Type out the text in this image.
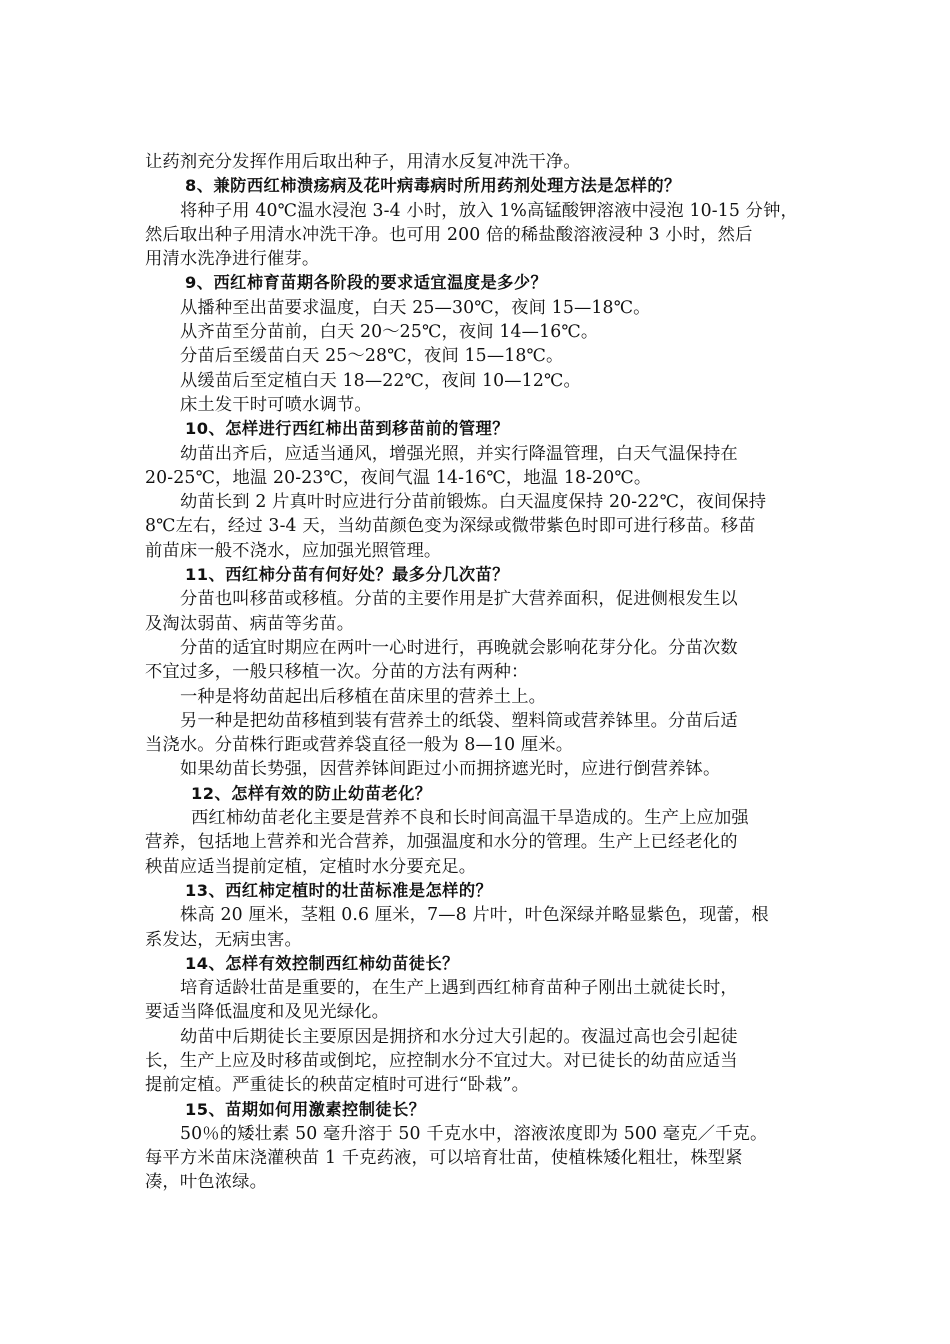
让药剂充分发挥作用后取出种子，用清水反复冲洗干净。
8、兼防西红柿溃疡病及花叶病毒病时所用药剂处理方法是怎样的？
将种子用 40℃温水浸泡 3-4 小时，放入 1%高锰酸钾溶液中浸泡 10-15 分钟，
然后取出种子用清水冲洗干净。也可用 200 倍的稀盐酸溶液浸种 3 小时，然后
用清水洗净进行催芽。
9、西红柿育苗期各阶段的要求适宜温度是多少？
从播种至出苗要求温度，白天 25—30℃，夜间 15—18℃。
从齐苗至分苗前，白天 20～25℃，夜间 14—16℃。
分苗后至缓苗白天 25～28℃，夜间 15—18℃。
从缓苗后至定植白天 18—22℃，夜间 10—12℃。
床土发干时可喷水调节。
10、怎样进行西红柿出苗到移苗前的管理？
幼苗出齐后，应适当通风，增强光照，并实行降温管理，白天气温保持在
20-25℃，地温 20-23℃，夜间气温 14-16℃，地温 18-20℃。
幼苗长到 2 片真叶时应进行分苗前锻炼。白天温度保持 20-22℃，夜间保持
8℃左右，经过 3-4 天，当幼苗颜色变为深绿或微带紫色时即可进行移苗。移苗
前苗床一般不浇水，应加强光照管理。
11、西红柿分苗有何好处？最多分几次苗？
分苗也叫移苗或移植。分苗的主要作用是扩大营养面积，促进侧根发生以
及淘汰弱苗、病苗等劣苗。
分苗的适宜时期应在两叶一心时进行，再晚就会影响花芽分化。分苗次数
不宜过多，一般只移植一次。分苗的方法有两种：
一种是将幼苗起出后移植在苗床里的营养土上。
另一种是把幼苗移植到装有营养土的纸袋、塑料筒或营养钵里。分苗后适
当浇水。分苗株行距或营养袋直径一般为 8—10 厘米。
如果幼苗长势强，因营养钵间距过小而拥挤遮光时，应进行倒营养钵。
12、怎样有效的防止幼苗老化？
西红柿幼苗老化主要是营养不良和长时间高温干旱造成的。生产上应加强
营养，包括地上营养和光合营养，加强温度和水分的管理。生产上已经老化的
秧苗应适当提前定植，定植时水分要充足。
13、西红柿定植时的壮苗标准是怎样的？
株高 20 厘米，茎粗 0.6 厘米，7—8 片叶，叶色深绿并略显紫色，现蕾，根
系发达，无病虫害。
14、怎样有效控制西红柿幼苗徒长？
培育适龄壮苗是重要的，在生产上遇到西红柿育苗种子刚出土就徒长时，
要适当降低温度和及见光绿化。
幼苗中后期徒长主要原因是拥挤和水分过大引起的。夜温过高也会引起徒
长，生产上应及时移苗或倒坨，应控制水分不宜过大。对已徒长的幼苗应适当
提前定植。严重徒长的秧苗定植时可进行“卧栽”。
15、苗期如何用激素控制徒长？
50％的矮壮素 50 毫升溶于 50 千克水中，溶液浓度即为 500 毫克／千克。
每平方米苗床浇灌秧苗 1 千克药液，可以培育壮苗，使植株矮化粗壮，株型紧
凑，叶色浓绿。
